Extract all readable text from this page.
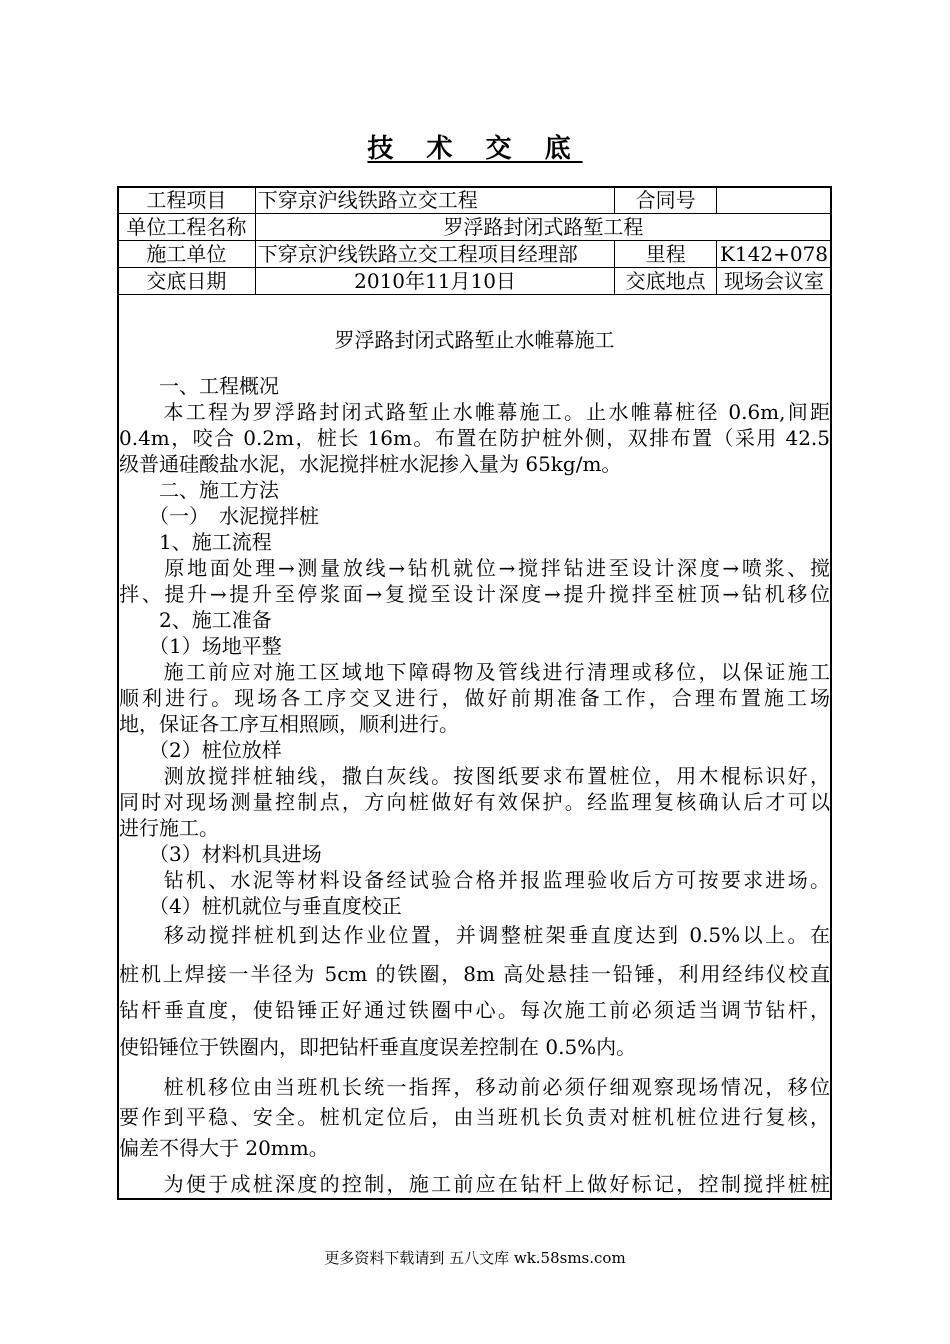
技 术 交 底
工程项目	下穿京沪线铁路立交工程	合同号	
单位工程名称	罗浮路封闭式路堑工程		
施工单位	下穿京沪线铁路立交工程项目经理部	里程	K142+078
交底日期	2010年11月10日	交底地点	现场会议室
罗浮路封闭式路堑止水帷幕施工
　　一、工程概况
　　本工程为罗浮路封闭式路堑止水帷幕施工。止水帷幕桩径 0.6m,间距
0.4m，咬合 0.2m，桩长 16m。布置在防护桩外侧，双排布置（采用 42.5
级普通硅酸盐水泥，水泥搅拌桩水泥掺入量为 65kg/m。
　　二、施工方法
　　（一）　水泥搅拌桩
　　1、施工流程
　　原地面处理→测量放线→钻机就位→搅拌钻进至设计深度→喷浆、搅
拌、提升→提升至停浆面→复搅至设计深度→提升搅拌至桩顶→钻机移位
　　2、施工准备
　　（1）场地平整
　　施工前应对施工区域地下障碍物及管线进行清理或移位，以保证施工
顺利进行。现场各工序交叉进行，做好前期准备工作，合理布置施工场
地，保证各工序互相照顾，顺利进行。
　　（2）桩位放样
　　测放搅拌桩轴线，撒白灰线。按图纸要求布置桩位，用木棍标识好，
同时对现场测量控制点，方向桩做好有效保护。经监理复核确认后才可以
进行施工。
　　（3）材料机具进场
　　钻机、水泥等材料设备经试验合格并报监理验收后方可按要求进场。
　　（4）桩机就位与垂直度校正
　　移动搅拌桩机到达作业位置，并调整桩架垂直度达到 0.5%以上。在
桩机上焊接一半径为 5cm 的铁圈，8m 高处悬挂一铅锤，利用经纬仪校直
钻杆垂直度，使铅锤正好通过铁圈中心。每次施工前必须适当调节钻杆，
使铅锤位于铁圈内，即把钻杆垂直度误差控制在 0.5%内。
　　桩机移位由当班机长统一指挥，移动前必须仔细观察现场情况，移位
要作到平稳、安全。桩机定位后，由当班机长负责对桩机桩位进行复核，
偏差不得大于 20mm。
　　为便于成桩深度的控制，施工前应在钻杆上做好标记，控制搅拌桩桩
更多资料下载请到 五八文库 wk.58sms.com
